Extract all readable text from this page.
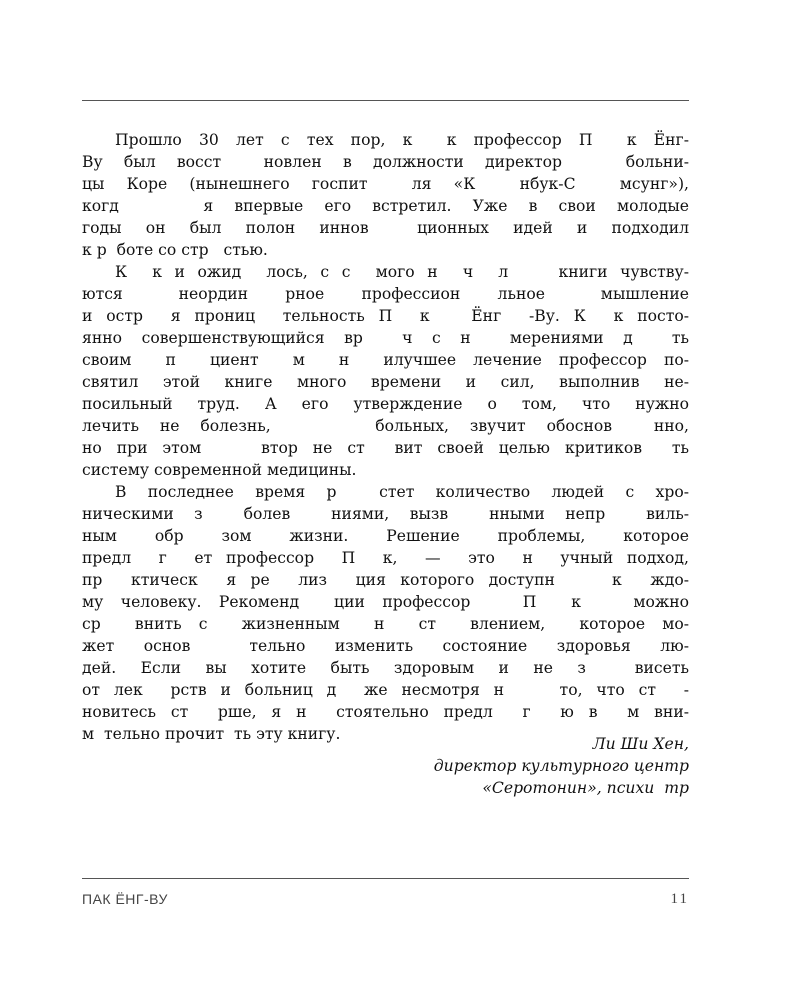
Прошло 30 лет с тех пор, к  к профессор П  к Ёнг-
Ву был восст  новлен в должности директор   больни-
цы Коре (нынешнего госпит  ля «К  нбук-С  мсунг»),
когд    я впервые его встретил. Уже в свои молодые
годы он был полон иннов  ционных идей и подходил
к р  боте со стр   стью.
К  к и ожид  лось, с с  мого н  ч  л    книги чувству-
ются   неордин  рное  профессион  льное   мышление
и остр  я прониц  тельность П  к   Ёнг  -Ву. К  к посто-
янно совершенствующийся вр  ч с н  мерениями д  ть
своим  п  циент  м  н  илучшее лечение профессор по-
святил этой книге много времени и сил, выполнив не-
посильный труд. А его утверждение о том, что нужно
лечить не болезнь,     больных, звучит обоснов  нно,
но при этом    втор не ст  вит своей целью критиков  ть
систему современной медицины.
В последнее время р  стет количество людей с хро-
ническими з  болев  ниями, вызв  нными непр  виль-
ным  обр  зом  жизни.  Решение  проблемы,  которое
предл  г  ет профессор  П  к,  —  это  н  учный подход,
пр  ктическ  я ре  лиз  ция которого доступн    к  ждо-
му человеку. Рекоменд  ции профессор   П  к   можно
ср  внить с  жизненным  н  ст  влением,  которое мо-
жет основ  тельно изменить состояние здоровья лю-
дей. Если вы хотите быть здоровым и не з  висеть
от лек  рств и больниц д  же несмотря н    то, что ст  -
новитесь ст  рше, я н  стоятельно предл  г  ю в  м вни-
м  тельно прочит  ть эту книгу.
Ли Ши Хен,
директор культурного центр
«Серотонин», психи  тр
ПАК ЁНГ-ВУ	11
